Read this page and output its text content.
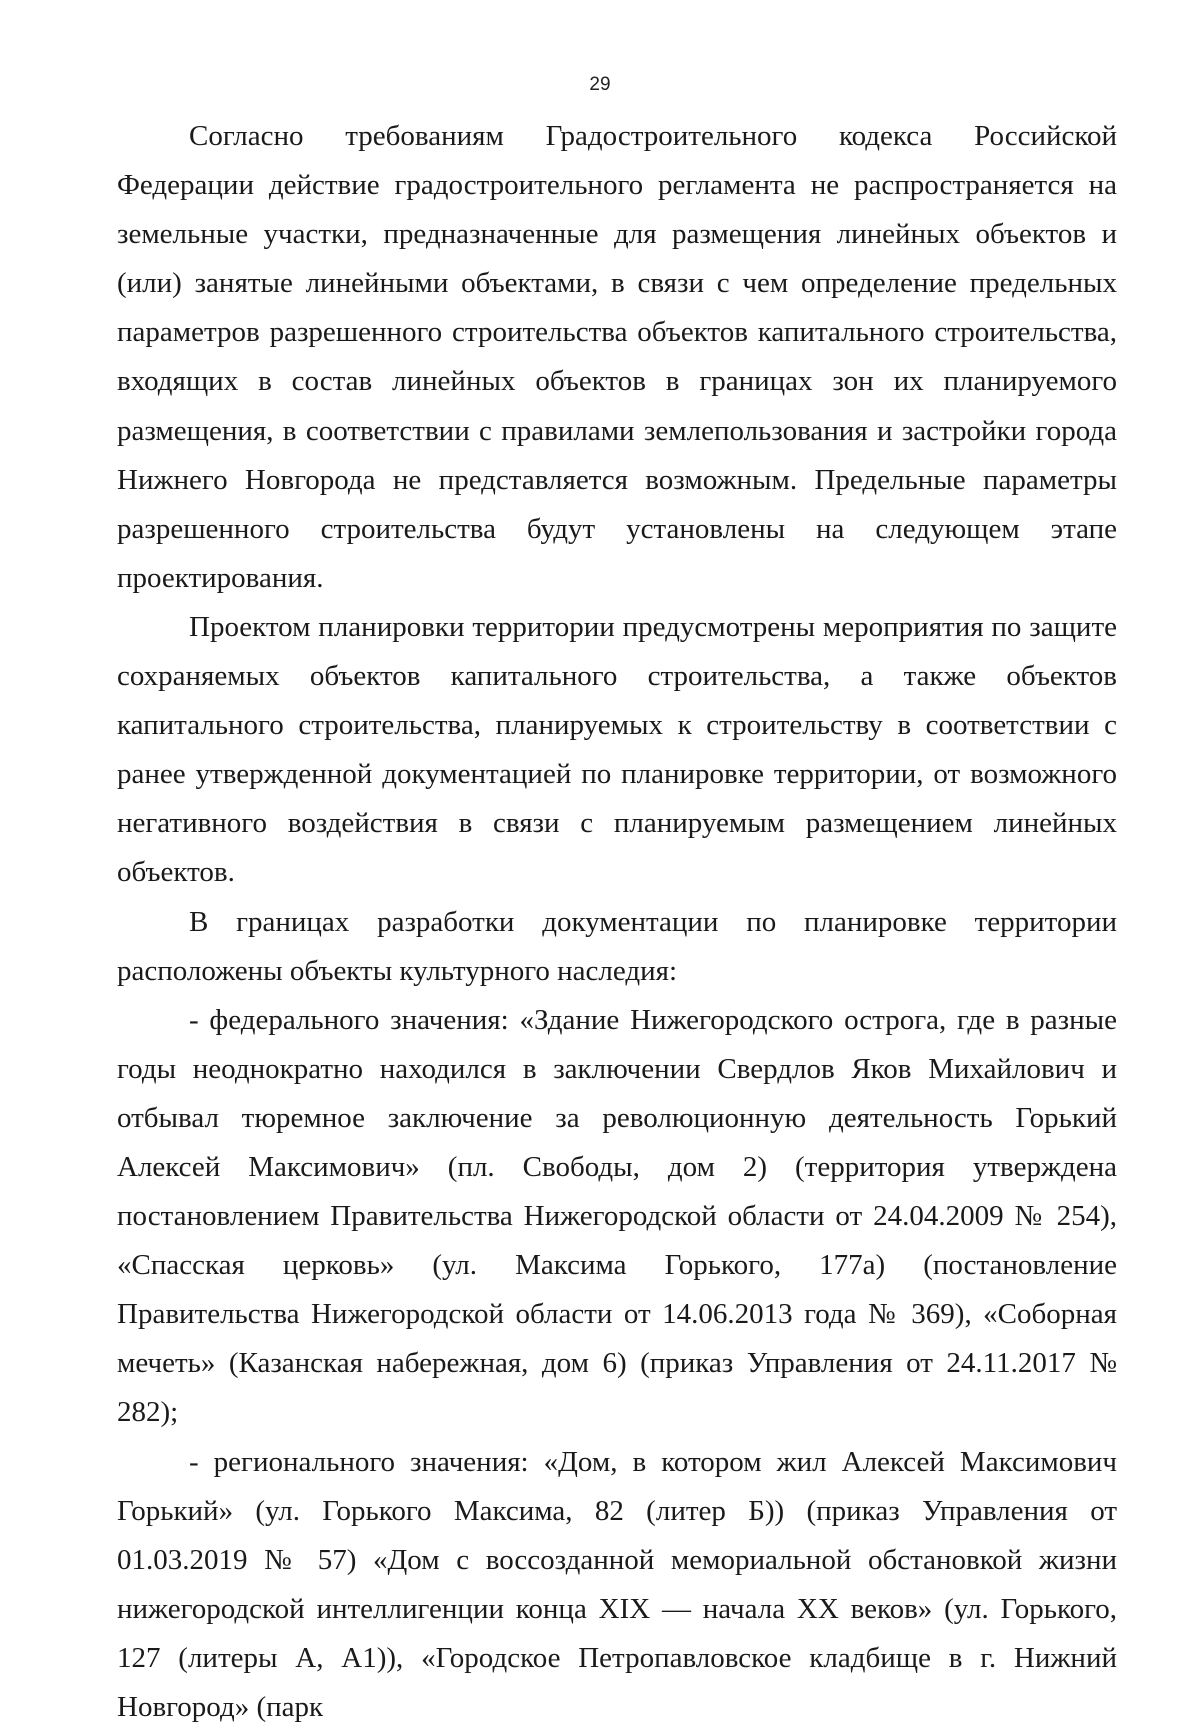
29

Согласно требованиям Градостроительного кодекса Российской Федерации действие градостроительного регламента не распространяется на земельные участки, предназначенные для размещения линейных объектов и (или) занятые линейными объектами, в связи с чем определение предельных параметров разрешенного строительства объектов капитального строительства, входящих в состав линейных объектов в границах зон их планируемого размещения, в соответствии с правилами землепользования и застройки города Нижнего Новгорода не представляется возможным. Предельные параметры разрешенного строительства будут установлены на следующем этапе проектирования.

Проектом планировки территории предусмотрены мероприятия по защите сохраняемых объектов капитального строительства, а также объектов капитального строительства, планируемых к строительству в соответствии с ранее утвержденной документацией по планировке территории, от возможного негативного воздействия в связи с планируемым размещением линейных объектов.

В границах разработки документации по планировке территории расположены объекты культурного наследия:

- федерального значения: «Здание Нижегородского острога, где в разные годы неоднократно находился в заключении Свердлов Яков Михайлович и отбывал тюремное заключение за революционную деятельность Горький Алексей Максимович» (пл. Свободы, дом 2) (территория утверждена постановлением Правительства Нижегородской области от 24.04.2009 № 254), «Спасская церковь» (ул. Максима Горького, 177а) (постановление Правительства Нижегородской области от 14.06.2013 года № 369), «Соборная мечеть» (Казанская набережная, дом 6) (приказ Управления от 24.11.2017 № 282);

- регионального значения: «Дом, в котором жил Алексей Максимович Горький» (ул. Горького Максима, 82 (литер Б)) (приказ Управления от 01.03.2019 № 57) «Дом с воссозданной мемориальной обстановкой жизни нижегородской интеллигенции конца XIX — начала XX веков» (ул. Горького, 127 (литеры А, А1)), «Городское Петропавловское кладбище в г. Нижний Новгород» (парк
